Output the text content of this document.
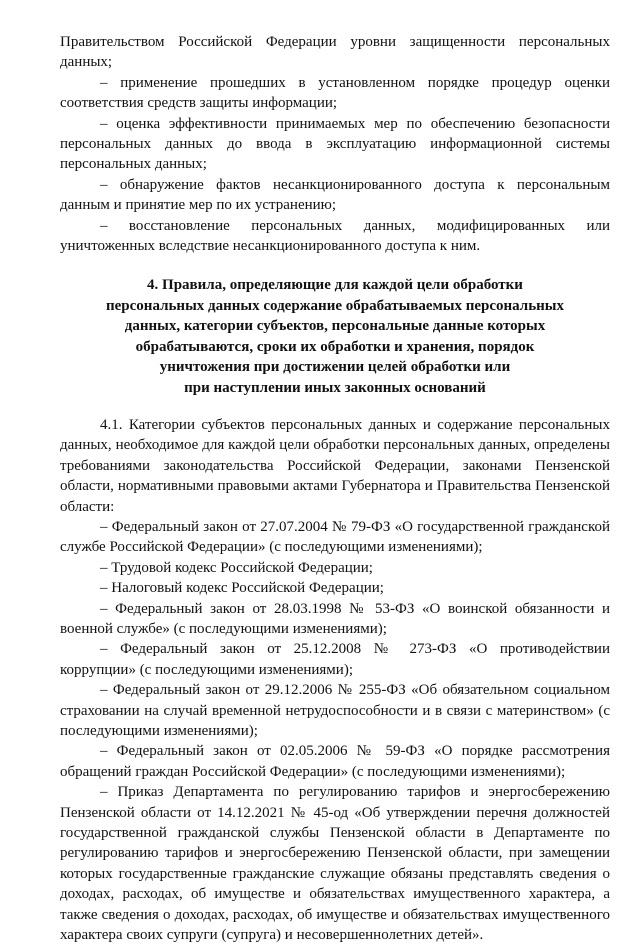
Правительством Российской Федерации уровни защищенности персональных данных;

– применение прошедших в установленном порядке процедур оценки соответствия средств защиты информации;

– оценка эффективности принимаемых мер по обеспечению безопасности персональных данных до ввода в эксплуатацию информационной системы персональных данных;

– обнаружение фактов несанкционированного доступа к персональным данным и принятие мер по их устранению;

– восстановление персональных данных, модифицированных или уничтоженных вследствие несанкционированного доступа к ним.

4. Правила, определяющие для каждой цели обработки
персональных данных содержание обрабатываемых персональных
данных, категории субъектов, персональные данные которых
обрабатываются, сроки их обработки и хранения, порядок
уничтожения при достижении целей обработки или
при наступлении иных законных оснований

4.1. Категории субъектов персональных данных и содержание персональных данных, необходимое для каждой цели обработки персональных данных, определены требованиями законодательства Российской Федерации, законами Пензенской области, нормативными правовыми актами Губернатора и Правительства Пензенской области:

– Федеральный закон от 27.07.2004 № 79-ФЗ «О государственной гражданской службе Российской Федерации» (с последующими изменениями);

– Трудовой кодекс Российской Федерации;

– Налоговый кодекс Российской Федерации;

– Федеральный закон от 28.03.1998 № 53-ФЗ «О воинской обязанности и военной службе» (с последующими изменениями);

– Федеральный закон от 25.12.2008 № 273-ФЗ «О противодействии коррупции» (с последующими изменениями);

– Федеральный закон от 29.12.2006 № 255-ФЗ «Об обязательном социальном страховании на случай временной нетрудоспособности и в связи с материнством» (с последующими изменениями);

– Федеральный закон от 02.05.2006 № 59-ФЗ «О порядке рассмотрения обращений граждан Российской Федерации» (с последующими изменениями);

– Приказ Департамента по регулированию тарифов и энергосбережению Пензенской области от 14.12.2021 № 45-од «Об утверждении перечня должностей государственной гражданской службы Пензенской области в Департаменте по регулированию тарифов и энергосбережению Пензенской области, при замещении которых государственные гражданские служащие обязаны представлять сведения о доходах, расходах, об имуществе и обязательствах имущественного характера, а также сведения о доходах, расходах, об имуществе и обязательствах имущественного характера своих супруги (супруга) и несовершеннолетних детей».
